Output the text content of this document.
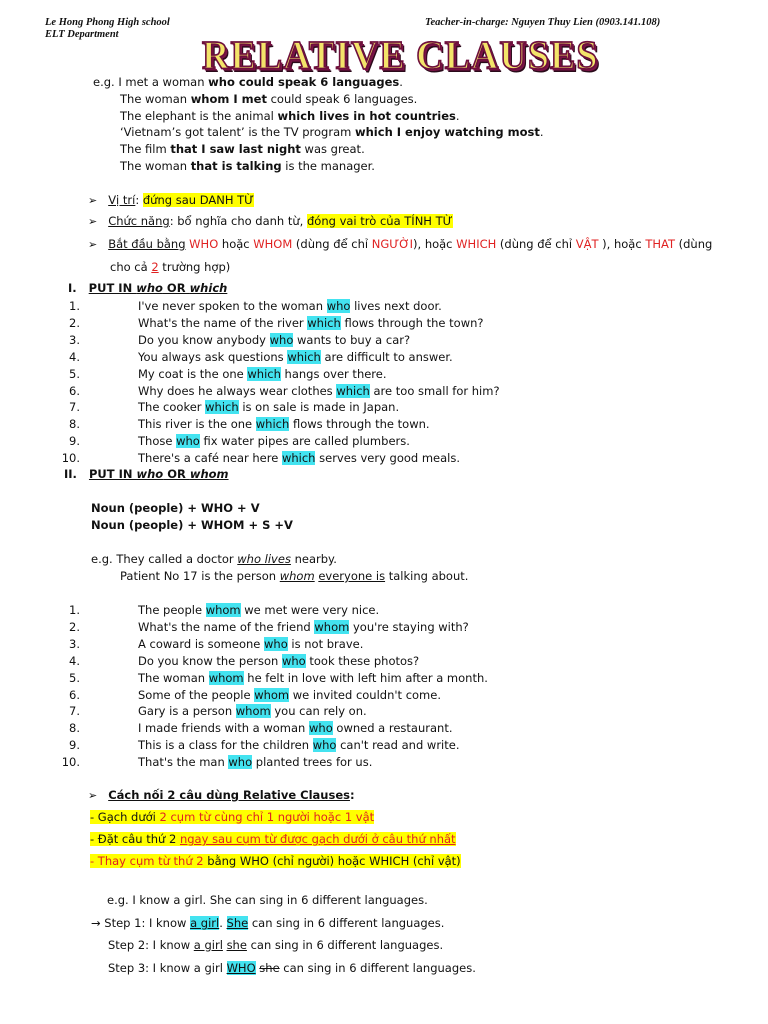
Le Hong Phong High school
ELT Department
Teacher-in-charge: Nguyen Thuy Lien (0903.141.108)
RELATIVE CLAUSES
e.g. I met a woman who could speak 6 languages.
The woman whom I met could speak 6 languages.
The elephant is the animal which lives in hot countries.
‘Vietnam’s got talent’ is the TV program which I enjoy watching most.
The film that I saw last night was great.
The woman that is talking is the manager.
➢ Vị trí: đứng sau DANH TỪ
➢ Chức năng: bổ nghĩa cho danh từ, đóng vai trò của TÍNH TỪ
➢ Bắt đầu bằng WHO hoặc WHOM (dùng để chỉ NGƯỜI), hoặc WHICH (dùng để chỉ VẬT ), hoặc THAT (dùng
cho cả 2 trường hợp)
I. PUT IN who OR which
1.	I've never spoken to the woman who lives next door.
2.	What's the name of the river which flows through the town?
3.	Do you know anybody who wants to buy a car?
4.	You always ask questions which are difficult to answer.
5.	My coat is the one which hangs over there.
6.	Why does he always wear clothes which are too small for him?
7.	The cooker which is on sale is made in Japan.
8.	This river is the one which flows through the town.
9.	Those who fix water pipes are called plumbers.
10.	There's a café near here which serves very good meals.
II. PUT IN who OR whom
Noun (people) + WHO + V
Noun (people) + WHOM + S +V
e.g. They called a doctor who lives nearby.
Patient No 17 is the person whom everyone is talking about.
1.	The people whom we met were very nice.
2.	What's the name of the friend whom you're staying with?
3.	A coward is someone who is not brave.
4.	Do you know the person who took these photos?
5.	The woman whom he felt in love with left him after a month.
6.	Some of the people whom we invited couldn't come.
7.	Gary is a person whom you can rely on.
8.	I made friends with a woman who owned a restaurant.
9.	This is a class for the children who can't read and write.
10.	That's the man who planted trees for us.
➢ Cách nối 2 câu dùng Relative Clauses:
- Gạch dưới 2 cụm từ cùng chỉ 1 người hoặc 1 vật
- Đặt câu thứ 2 ngay sau cụm từ được gạch dưới ở câu thứ nhất
- Thay cụm từ thứ 2 bằng WHO (chỉ người) hoặc WHICH (chỉ vật)
e.g. I know a girl. She can sing in 6 different languages.
→ Step 1: I know a girl. She can sing in 6 different languages.
Step 2: I know a girl she can sing in 6 different languages.
Step 3: I know a girl WHO she can sing in 6 different languages.
